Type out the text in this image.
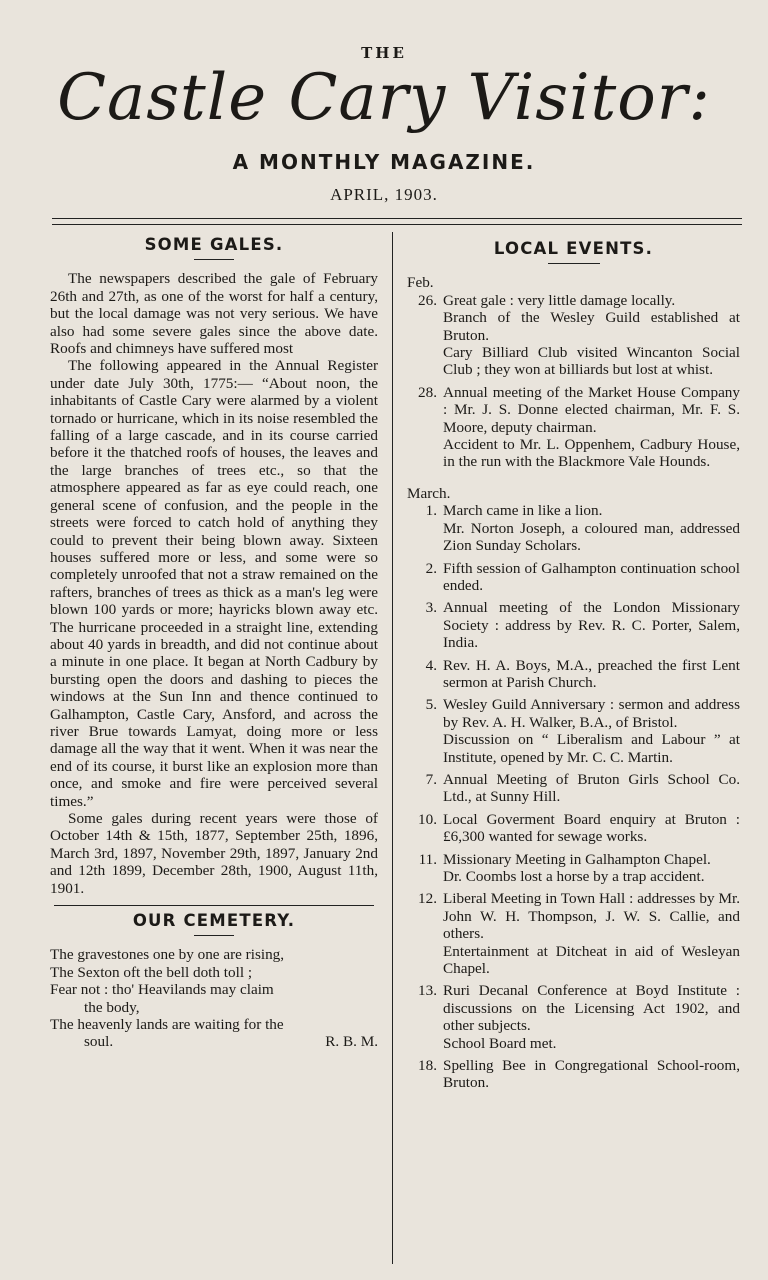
THE
Castle Cary Visitor:
A MONTHLY MAGAZINE.
APRIL, 1903.
SOME GALES.

The newspapers described the gale of February 26th and 27th, as one of the worst for half a century, but the local damage was not very serious. We have also had some severe gales since the above date. Roofs and chimneys have suffered most

The following appeared in the Annual Register under date July 30th, 1775:— “About noon, the inhabitants of Castle Cary were alarmed by a violent tornado or hurricane, which in its noise resembled the falling of a large cascade, and in its course carried before it the thatched roofs of houses, the leaves and the large branches of trees etc., so that the atmosphere appeared as far as eye could reach, one general scene of confusion, and the people in the streets were forced to catch hold of anything they could to prevent their being blown away. Sixteen houses suffered more or less, and some were so completely unroofed that not a straw remained on the rafters, branches of trees as thick as a man's leg were blown 100 yards or more; hayricks blown away etc. The hurricane proceeded in a straight line, extending about 40 yards in breadth, and did not continue about a minute in one place. It began at North Cadbury by bursting open the doors and dashing to pieces the windows at the Sun Inn and thence continued to Galhampton, Castle Cary, Ansford, and across the river Brue towards Lamyat, doing more or less damage all the way that it went. When it was near the end of its course, it burst like an explosion more than once, and smoke and fire were perceived several times.”

Some gales during recent years were those of October 14th & 15th, 1877, September 25th, 1896, March 3rd, 1897, November 29th, 1897, January 2nd and 12th 1899, December 28th, 1900, August 11th, 1901.

OUR CEMETERY.
The gravestones one by one are rising,
The Sexton oft the bell doth toll ;
Fear not : tho' Heavilands may claim
the body,
The heavenly lands are waiting for the
soul.	R. B. M.
LOCAL EVENTS.

Feb.

26. Great gale : very little damage locally.

Branch of the Wesley Guild established at Bruton.

Cary Billiard Club visited Wincanton Social Club ; they won at billiards but lost at whist.

28. Annual meeting of the Market House Company : Mr. J. S. Donne elected chairman, Mr. F. S. Moore, deputy chairman.

Accident to Mr. L. Oppenhem, Cadbury House, in the run with the Blackmore Vale Hounds.

March.

1. March came in like a lion.

Mr. Norton Joseph, a coloured man, addressed Zion Sunday Scholars.

2. Fifth session of Galhampton continuation school ended.

3. Annual meeting of the London Missionary Society : address by Rev. R. C. Porter, Salem, India.

4. Rev. H. A. Boys, M.A., preached the first Lent sermon at Parish Church.

5. Wesley Guild Anniversary : sermon and address by Rev. A. H. Walker, B.A., of Bristol.

Discussion on “ Liberalism and Labour ” at Institute, opened by Mr. C. C. Martin.

7. Annual Meeting of Bruton Girls School Co. Ltd., at Sunny Hill.

10. Local Goverment Board enquiry at Bruton : £6,300 wanted for sewage works.

11. Missionary Meeting in Galhampton Chapel.

Dr. Coombs lost a horse by a trap accident.

12. Liberal Meeting in Town Hall : addresses by Mr. John W. H. Thompson, J. W. S. Callie, and others.

Entertainment at Ditcheat in aid of Wesleyan Chapel.

13. Ruri Decanal Conference at Boyd Institute : discussions on the Licensing Act 1902, and other subjects.

School Board met.

18. Spelling Bee in Congregational School-room, Bruton.
